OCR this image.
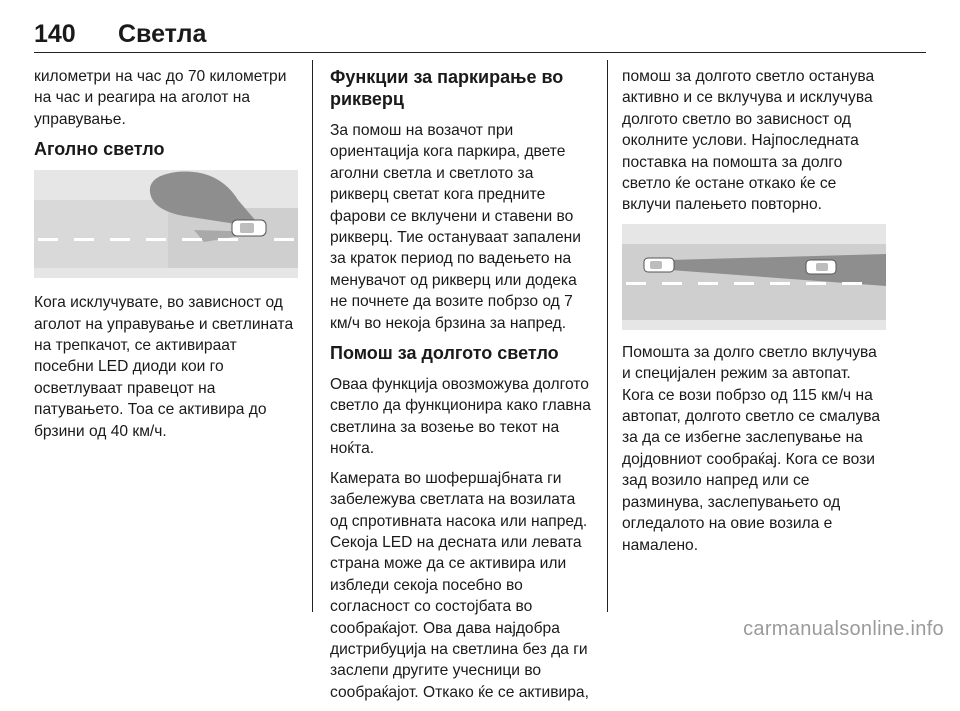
140 Светла

километри на час до 70 километри на час и реагира на аголот на управувањe.

Аголно светло

Кога исклучувате, во зависност од аголот на управување и светлината на трепкачот, се активираат посебни LED диоди кои го осветлуваат правецот на патувањето. Тоа се активира до брзини од 40 км/ч.

Функции за паркирање во рикверц

За помош на возачот при ориентација кога паркира, двете аголни светла и светлото за рикверц светат кога предните фарови се вклучени и ставени во рикверц. Тие остануваат запалени за краток период по вадењето на менувачот од рикверц или додека не почнете да возите побрзо од 7 км/ч во некоја брзина за напред.

Помош за долгото светло

Оваа функција овозможува долгото светло да функционира како главна светлина за возење во текот на ноќта.

Камерата во шофершајбната ги забележува светлата на возилата од спротивната насока или напред. Секоја LED на десната или левата страна може да се активира или избледи секоја посебно во согласност со состојбата во сообраќајот. Ова дава најдобра дистрибуција на светлина без да ги заслепи другите учесници во сообраќајот. Откако ќе се активира,

помош за долгото светло останува активно и се вклучува и исклучува долгото светло во зависност од околните услови. Најпоследната поставка на помошта за долго светло ќе остане откако ќе се вклучи палењето повторно.

Помошта за долго светло вклучува и специјален режим за автопат. Кога се вози побрзо од 115 км/ч на автопат, долгото светло се смалува за да се избегне заслепување на дојдовниот сообраќај. Кога се вози зад возило напред или се разминува, заслепувањето од огледалото на овие возила е намалено.

carmanualsonline.info
